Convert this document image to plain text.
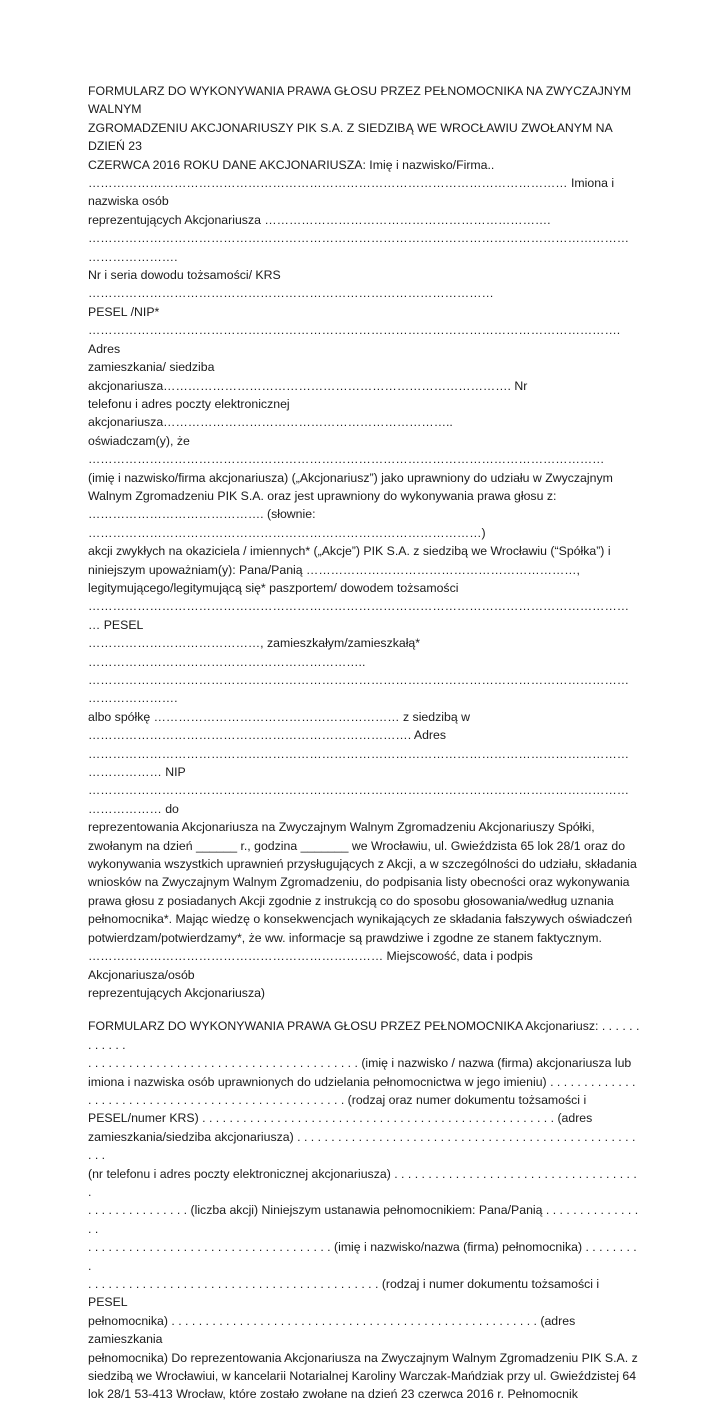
FORMULARZ DO WYKONYWANIA PRAWA GŁOSU PRZEZ PEŁNOMOCNIKA NA ZWYCZAJNYM WALNYM
ZGROMADZENIU AKCJONARIUSZY PIK S.A. Z SIEDZIBĄ WE WROCŁAWIU ZWOŁANYM NA DZIEŃ 23
CZERWCA 2016 ROKU DANE AKCJONARIUSZA: Imię i nazwisko/Firma..
……………………………………………………………………………………………………… Imiona i nazwiska osób
reprezentujących Akcjonariusza …………………………………………………………….
……………………………………………………………………………………………………………………………………….
Nr i seria dowodu tożsamości/ KRS ………………………………………………………………………………………
PESEL /NIP* …………………………………………………………………………………………………………………. Adres
zamieszkania/ siedziba akcjonariusza…………………………………………………………………………. Nr
telefonu i adres poczty elektronicznej akcjonariusza……………………………………………………………..
oświadczam(y), że ………………………………………………………………………………………………………………
(imię i nazwisko/firma akcjonariusza) („Akcjonariusz”) jako uprawniony do udziału w Zwyczajnym
Walnym Zgromadzeniu PIK S.A. oraz jest uprawniony do wykonywania prawa głosu z:
……………………………………. (słownie: ……………………………………………………………………………………)
akcji zwykłych na okaziciela / imiennych* („Akcje”) PIK S.A. z siedzibą we Wrocławiu (“Spółka”) i
niniejszym upoważniam(y): Pana/Panią …………………………………………………………,
legitymującego/legitymującą się* paszportem/ dowodem tożsamości
……………………………………………………………………………………………………………………… PESEL
……………………………………, zamieszkałym/zamieszkałą* …………………………………………………………..
……………………………………………………………………………………………………………………………………….
albo spółkę …………………………………………………… z siedzibą w
……………………………………………………………………. Adres
…………………………………………………………………………………………………………………………………… NIP
…………………………………………………………………………………………………………………………………… do
reprezentowania Akcjonariusza na Zwyczajnym Walnym Zgromadzeniu Akcjonariuszy Spółki,
zwołanym na dzień ______ r., godzina _______ we Wrocławiu, ul. Gwieździsta 65 lok 28/1 oraz do
wykonywania wszystkich uprawnień przysługujących z Akcji, a w szczególności do udziału, składania
wniosków na Zwyczajnym Walnym Zgromadzeniu, do podpisania listy obecności oraz wykonywania
prawa głosu z posiadanych Akcji zgodnie z instrukcją co do sposobu głosowania/według uznania
pełnomocnika*. Mając wiedzę o konsekwencjach wynikających ze składania fałszywych oświadczeń
potwierdzam/potwierdzamy*, że ww. informacje są prawdziwe i zgodne ze stanem faktycznym.
……………………………………………………………… Miejscowość, data i podpis Akcjonariusza/osób
reprezentujących Akcjonariusza)

FORMULARZ DO WYKONYWANIA PRAWA GŁOSU PRZEZ PEŁNOMOCNIKA Akcjonariusz: . . . . . . . . . . . .
. . . . . . . . . . . . . . . . . . . . . . . . . . . . . . . . . . . . . . . . (imię i nazwisko / nazwa (firma) akcjonariusza lub
imiona i nazwiska osób uprawnionych do udzielania pełnomocnictwa w jego imieniu) . . . . . . . . . . . . .
. . . . . . . . . . . . . . . . . . . . . . . . . . . . . . . . . . . . . . (rodzaj oraz numer dokumentu tożsamości i
PESEL/numer KRS) . . . . . . . . . . . . . . . . . . . . . . . . . . . . . . . . . . . . . . . . . . . . . . . . . . . . (adres
zamieszkania/siedziba akcjonariusza) . . . . . . . . . . . . . . . . . . . . . . . . . . . . . . . . . . . . . . . . . . . . . . . . . . . . .
(nr telefonu i adres poczty elektronicznej akcjonariusza) . . . . . . . . . . . . . . . . . . . . . . . . . . . . . . . . . . . . .
. . . . . . . . . . . . . . . (liczba akcji) Niniejszym ustanawia pełnomocnikiem: Pana/Panią . . . . . . . . . . . . . . . .
. . . . . . . . . . . . . . . . . . . . . . . . . . . . . . . . . . . . (imię i nazwisko/nazwa (firma) pełnomocnika) . . . . . . . . .
. . . . . . . . . . . . . . . . . . . . . . . . . . . . . . . . . . . . . . . . . . . (rodzaj i numer dokumentu tożsamości i PESEL
pełnomocnika) . . . . . . . . . . . . . . . . . . . . . . . . . . . . . . . . . . . . . . . . . . . . . . . . . . . . . . (adres zamieszkania
pełnomocnika) Do reprezentowania Akcjonariusza na Zwyczajnym Walnym Zgromadzeniu PIK S.A. z
siedzibą we Wrocławiui, w kancelarii Notarialnej Karoliny Warczak-Mańdziak przy ul. Gwieździstej 64
lok 28/1 53-413 Wrocław, które zostało zwołane na dzień 23 czerwca 2016 r. Pełnomocnik
